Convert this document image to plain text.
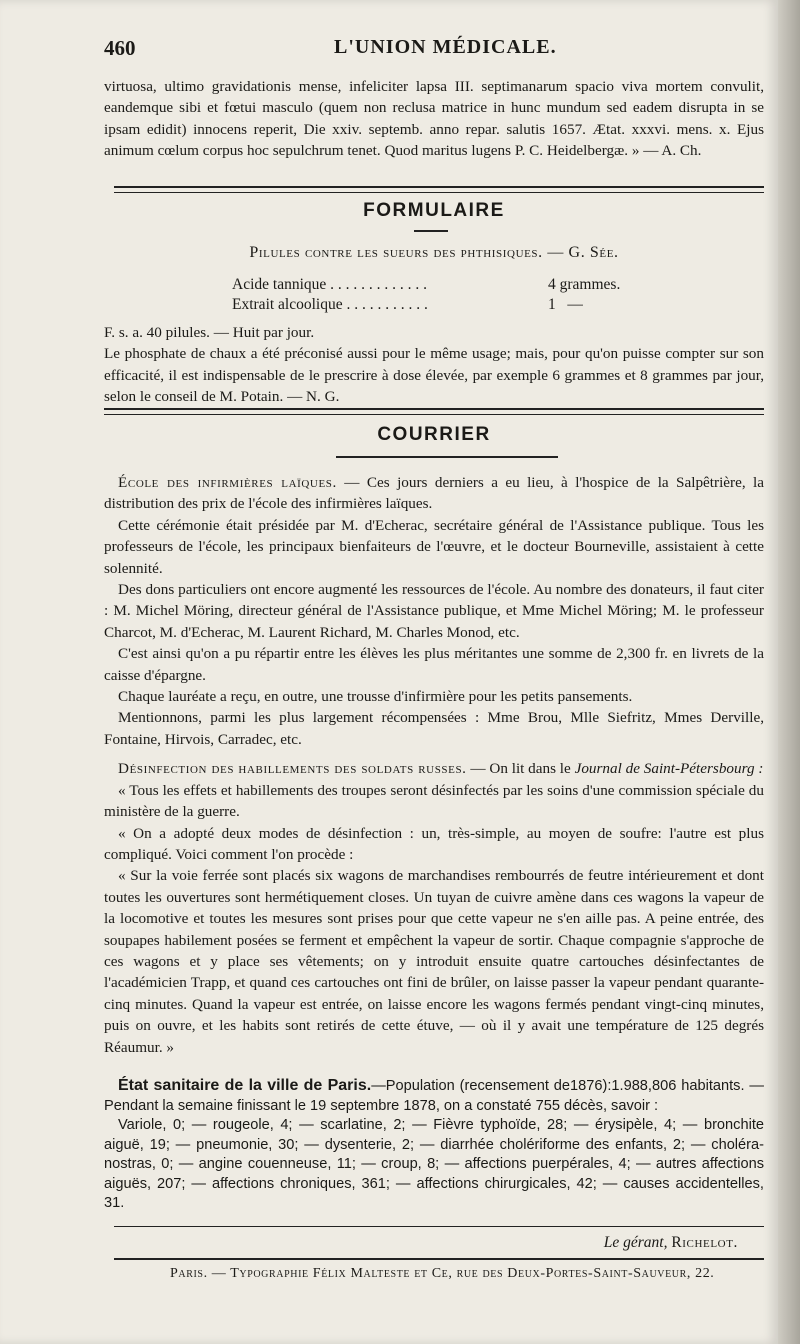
460	L'UNION MÉDICALE.

virtuosa, ultimo gravidationis mense, infeliciter lapsa III. septimanarum spacio viva mortem convulit, eandemque sibi et fœtui masculo (quem non reclusa matrice in hunc mundum sed eadem disrupta in se ipsam edidit) innocens reperit, Die xxiv. septemb. anno repar. salutis 1657. Ætat. xxxvi. mens. x. Ejus animum cœlum corpus hoc sepulchrum tenet. Quod maritus lugens P. C. Heidelbergæ. » — A. Ch.

FORMULAIRE
Pilules contre les sueurs des phthisiques. — G. Sée.
Acide tannique . . . . . . . . . . . . .	4 grammes.
Extrait alcoolique . . . . . . . . . . .	1   —

F. s. a. 40 pilules. — Huit par jour.

Le phosphate de chaux a été préconisé aussi pour le même usage; mais, pour qu'on puisse compter sur son efficacité, il est indispensable de le prescrire à dose élevée, par exemple 6 grammes et 8 grammes par jour, selon le conseil de M. Potain. — N. G.

COURRIER

École des infirmières laïques. — Ces jours derniers a eu lieu, à l'hospice de la Salpêtrière, la distribution des prix de l'école des infirmières laïques.

Cette cérémonie était présidée par M. d'Echerac, secrétaire général de l'Assistance publique. Tous les professeurs de l'école, les principaux bienfaiteurs de l'œuvre, et le docteur Bourneville, assistaient à cette solennité.

Des dons particuliers ont encore augmenté les ressources de l'école. Au nombre des donateurs, il faut citer : M. Michel Möring, directeur général de l'Assistance publique, et Mme Michel Möring; M. le professeur Charcot, M. d'Echerac, M. Laurent Richard, M. Charles Monod, etc.

C'est ainsi qu'on a pu répartir entre les élèves les plus méritantes une somme de 2,300 fr. en livrets de la caisse d'épargne.

Chaque lauréate a reçu, en outre, une trousse d'infirmière pour les petits pansements.

Mentionnons, parmi les plus largement récompensées : Mme Brou, Mlle Siefritz, Mmes Derville, Fontaine, Hirvois, Carradec, etc.

Désinfection des habillements des soldats russes. — On lit dans le Journal de Saint-Pétersbourg :

« Tous les effets et habillements des troupes seront désinfectés par les soins d'une commission spéciale du ministère de la guerre.

« On a adopté deux modes de désinfection : un, très-simple, au moyen de soufre: l'autre est plus compliqué. Voici comment l'on procède :

« Sur la voie ferrée sont placés six wagons de marchandises rembourrés de feutre intérieurement et dont toutes les ouvertures sont hermétiquement closes. Un tuyan de cuivre amène dans ces wagons la vapeur de la locomotive et toutes les mesures sont prises pour que cette vapeur ne s'en aille pas. A peine entrée, des soupapes habilement posées se ferment et empêchent la vapeur de sortir. Chaque compagnie s'approche de ces wagons et y place ses vêtements; on y introduit ensuite quatre cartouches désinfectantes de l'académicien Trapp, et quand ces cartouches ont fini de brûler, on laisse passer la vapeur pendant quarante-cinq minutes. Quand la vapeur est entrée, on laisse encore les wagons fermés pendant vingt-cinq minutes, puis on ouvre, et les habits sont retirés de cette étuve, — où il y avait une température de 125 degrés Réaumur. »

État sanitaire de la ville de Paris.—Population (recensement de1876):1.988,806 habitants. — Pendant la semaine finissant le 19 septembre 1878, on a constaté 755 décès, savoir :

Variole, 0; — rougeole, 4; — scarlatine, 2; — Fièvre typhoïde, 28; — érysipèle, 4; — bronchite aiguë, 19; — pneumonie, 30; — dysenterie, 2; — diarrhée cholériforme des enfants, 2; — choléra-nostras, 0; — angine couenneuse, 11; — croup, 8; — affections puerpérales, 4; — autres affections aiguës, 207; — affections chroniques, 361; — affections chirurgicales, 42; — causes accidentelles, 31.

Le gérant, Richelot.
Paris. — Typographie Félix Malteste et Ce, rue des Deux-Portes-Saint-Sauveur, 22.
